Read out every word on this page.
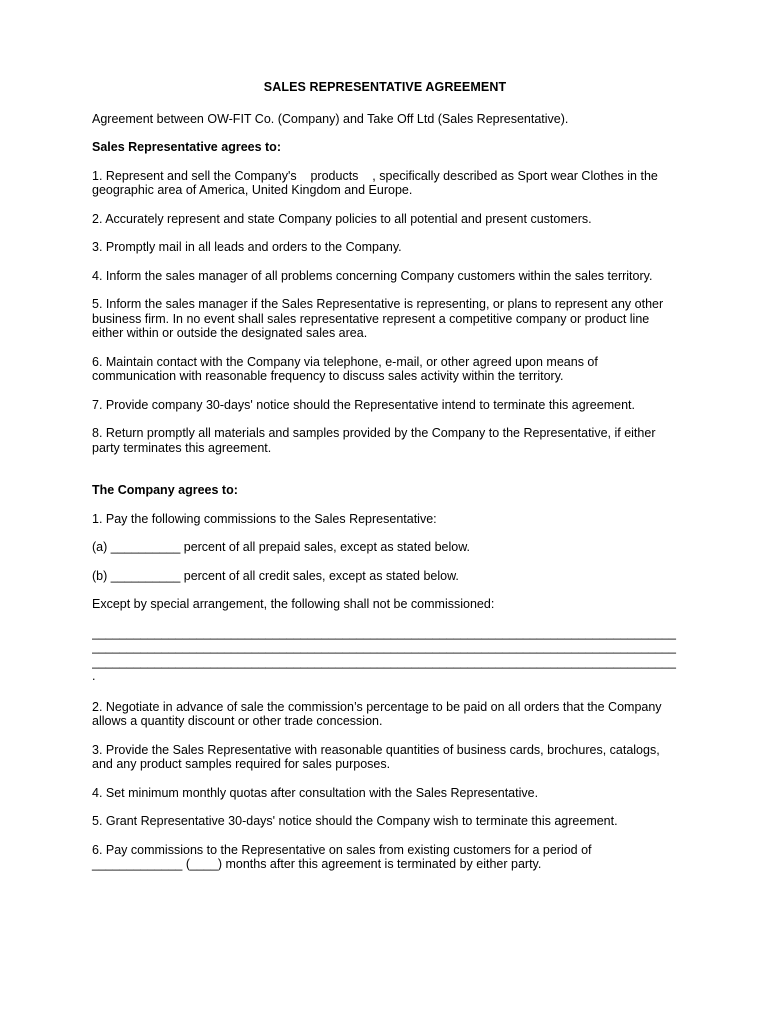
SALES REPRESENTATIVE AGREEMENT

Agreement between OW-FIT Co. (Company) and Take Off Ltd (Sales Representative).

Sales Representative agrees to:

1. Represent and sell the Company's    products    , specifically described as Sport wear Clothes in the geographic area of America, United Kingdom and Europe.

2. Accurately represent and state Company policies to all potential and present customers.

3. Promptly mail in all leads and orders to the Company.

4. Inform the sales manager of all problems concerning Company customers within the sales territory.

5. Inform the sales manager if the Sales Representative is representing, or plans to represent any other business firm. In no event shall sales representative represent a competitive company or product line either within or outside the designated sales area.

6. Maintain contact with the Company via telephone, e-mail, or other agreed upon means of communication with reasonable frequency to discuss sales activity within the territory.

7. Provide company 30-days' notice should the Representative intend to terminate this agreement.

8. Return promptly all materials and samples provided by the Company to the Representative, if either party terminates this agreement.

The Company agrees to:

1. Pay the following commissions to the Sales Representative:

(a) __________ percent of all prepaid sales, except as stated below.

(b) __________ percent of all credit sales, except as stated below.

Except by special arrangement, the following shall not be commissioned:

____________________________________________________________________________________
____________________________________________________________________________________
____________________________________________________________________________________

.

2. Negotiate in advance of sale the commission’s percentage to be paid on all orders that the Company allows a quantity discount or other trade concession.

3. Provide the Sales Representative with reasonable quantities of business cards, brochures, catalogs, and any product samples required for sales purposes.

4. Set minimum monthly quotas after consultation with the Sales Representative.

5. Grant Representative 30-days' notice should the Company wish to terminate this agreement.

6. Pay commissions to the Representative on sales from existing customers for a period of _____________ (____) months after this agreement is terminated by either party.
